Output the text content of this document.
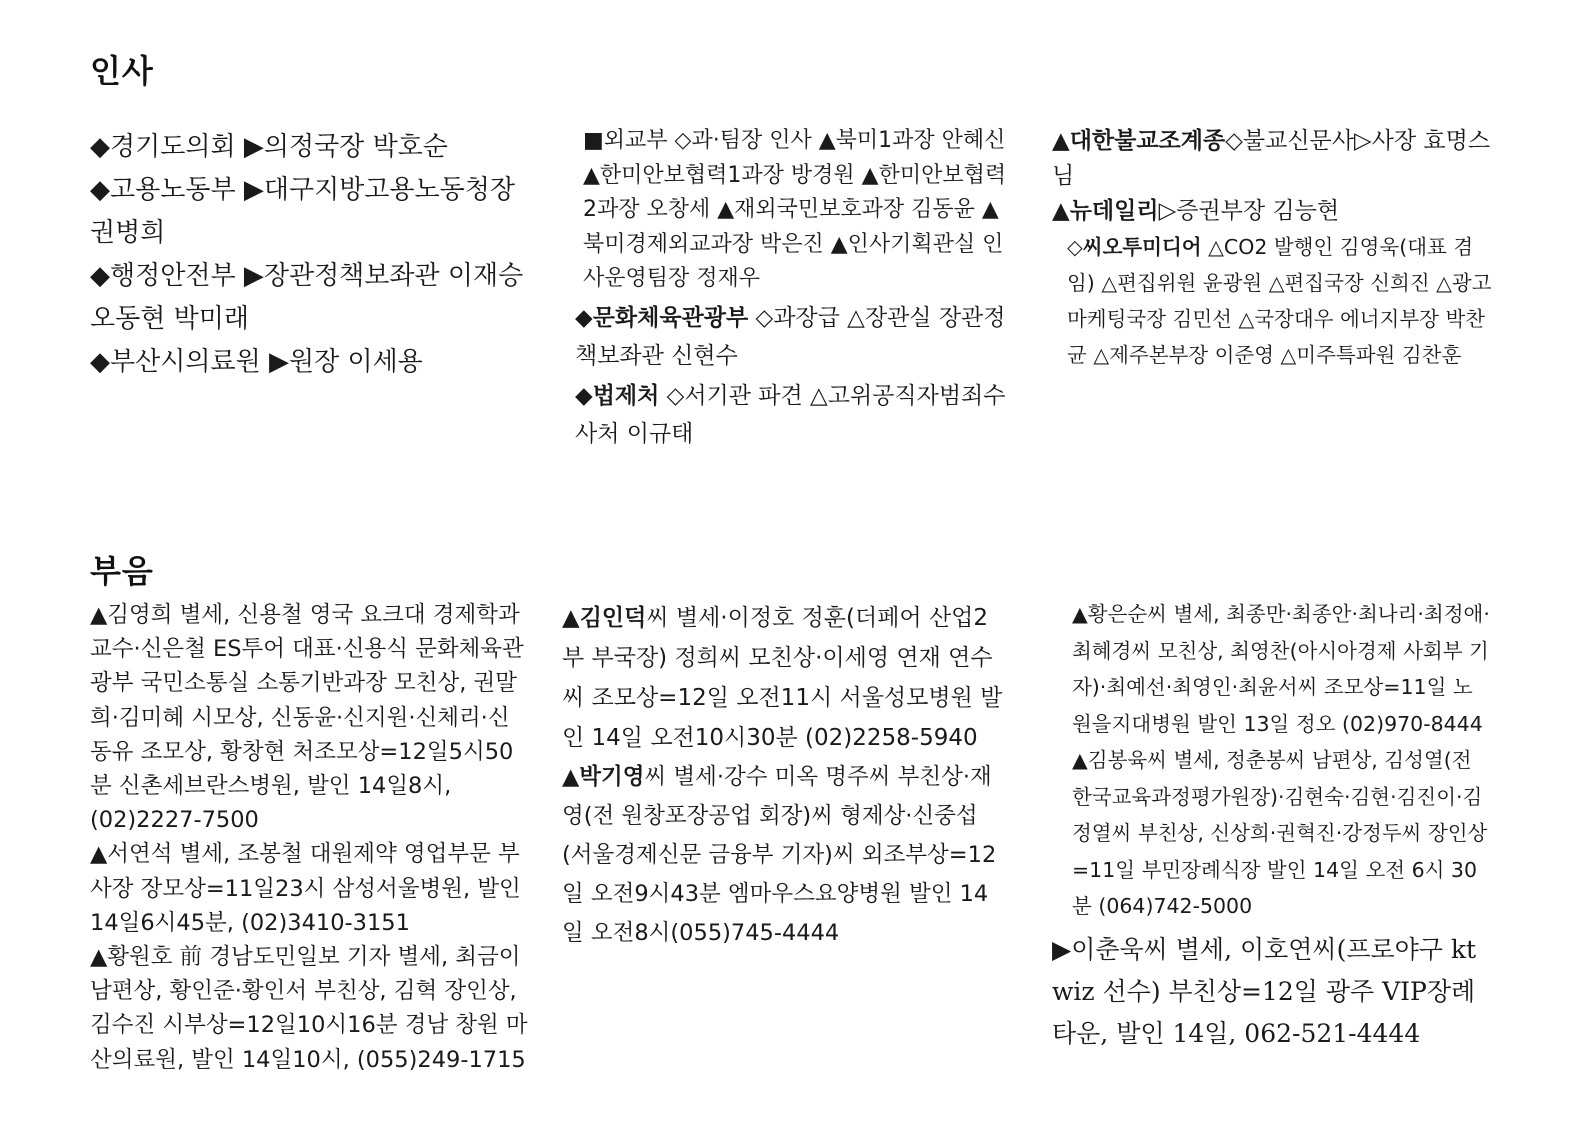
인사

◆경기도의회 ▶의정국장 박호순

◆고용노동부 ▶대구지방고용노동청장 권병희

◆행정안전부 ▶장관정책보좌관 이재승 오동현 박미래

◆부산시의료원 ▶원장 이세용

■외교부 ◇과·팀장 인사 ▲북미1과장 안혜신 ▲한미안보협력1과장 방경원 ▲한미안보협력2과장 오창세 ▲재외국민보호과장 김동윤 ▲북미경제외교과장 박은진 ▲인사기획관실 인사운영팀장 정재우

◆문화체육관광부 ◇과장급 △장관실 장관정책보좌관 신현수

◆법제처 ◇서기관 파견 △고위공직자범죄수사처 이규태

▲대한불교조계종◇불교신문사▷사장 효명스님

▲뉴데일리▷증권부장 김능현

◇씨오투미디어 △CO2 발행인 김영욱(대표 겸임) △편집위원 윤광원 △편집국장 신희진 △광고마케팅국장 김민선 △국장대우 에너지부장 박찬균 △제주본부장 이준영 △미주특파원 김찬훈

부음

▲김영희 별세, 신용철 영국 요크대 경제학과 교수·신은철 ES투어 대표·신용식 문화체육관광부 국민소통실 소통기반과장 모친상, 권말희·김미혜 시모상, 신동윤·신지원·신체리·신동유 조모상, 황창현 처조모상=12일5시50분 신촌세브란스병원, 발인 14일8시, (02)2227-7500

▲서연석 별세, 조봉철 대원제약 영업부문 부사장 장모상=11일23시 삼성서울병원, 발인 14일6시45분, (02)3410-3151

▲황원호 前 경남도민일보 기자 별세, 최금이 남편상, 황인준·황인서 부친상, 김혁 장인상, 김수진 시부상=12일10시16분 경남 창원 마산의료원, 발인 14일10시, (055)249-1715

▲김인덕씨 별세·이정호 정훈(더페어 산업2부 부국장) 정희씨 모친상·이세영 연재 연수씨 조모상=12일 오전11시 서울성모병원 발인 14일 오전10시30분 (02)2258-5940

▲박기영씨 별세·강수 미옥 명주씨 부친상·재영(전 원창포장공업 회장)씨 형제상·신중섭(서울경제신문 금융부 기자)씨 외조부상=12일 오전9시43분 엠마우스요양병원 발인 14일 오전8시(055)745-4444

▲황은순씨 별세, 최종만·최종안·최나리·최정애·최혜경씨 모친상, 최영찬(아시아경제 사회부 기자)·최예선·최영인·최윤서씨 조모상=11일 노원을지대병원 발인 13일 정오 (02)970-8444

▲김봉육씨 별세, 정춘봉씨 남편상, 김성열(전 한국교육과정평가원장)·김현숙·김현·김진이·김정열씨 부친상, 신상희·권혁진·강정두씨 장인상=11일 부민장례식장 발인 14일 오전 6시 30분 (064)742-5000

▶이춘욱씨 별세, 이호연씨(프로야구 kt wiz 선수) 부친상=12일 광주 VIP장례타운, 발인 14일, 062-521-4444
